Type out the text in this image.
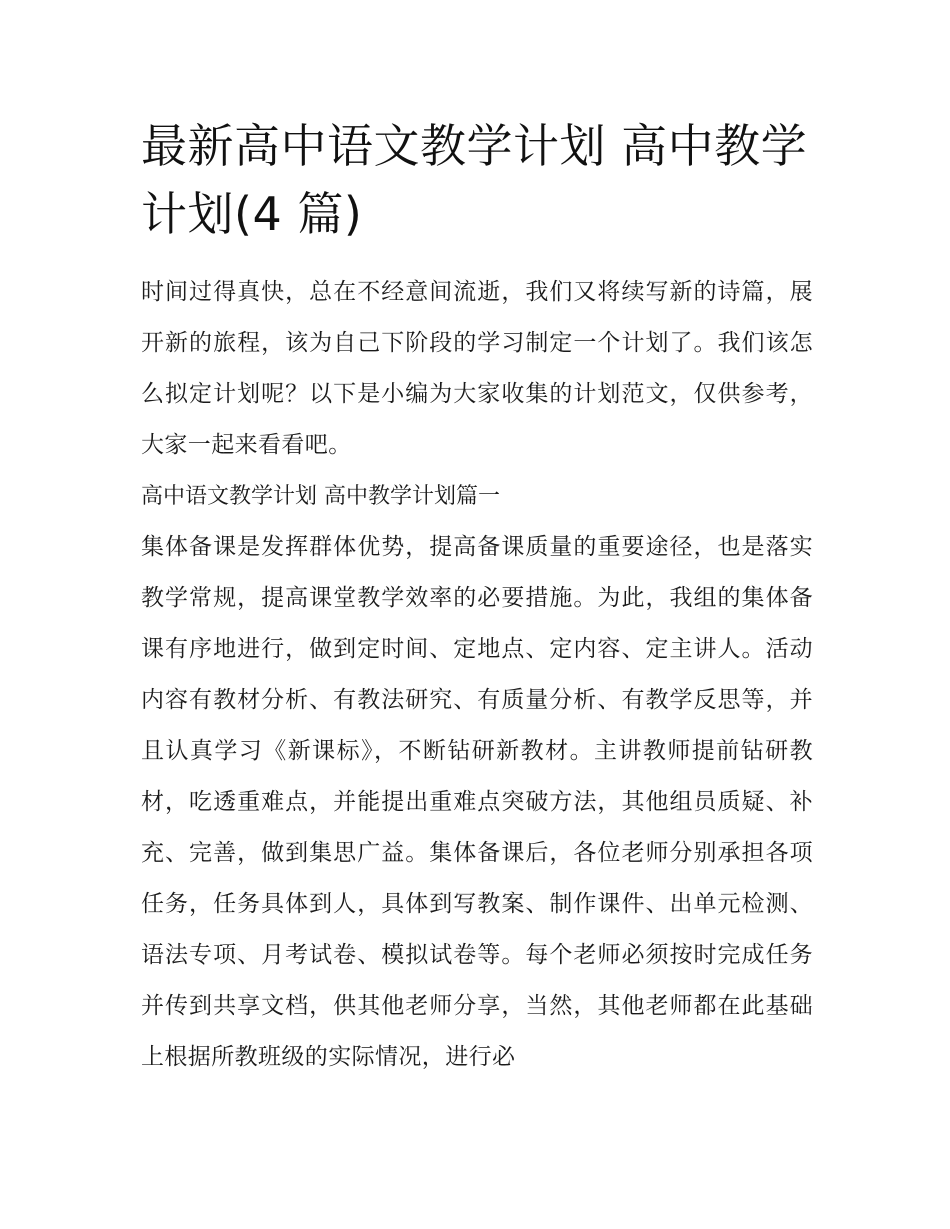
最新高中语文教学计划 高中教学计划(4 篇)

时间过得真快，总在不经意间流逝，我们又将续写新的诗篇，展开新的旅程，该为自己下阶段的学习制定一个计划了。我们该怎么拟定计划呢？以下是小编为大家收集的计划范文，仅供参考，大家一起来看看吧。

高中语文教学计划 高中教学计划篇一

集体备课是发挥群体优势，提高备课质量的重要途径，也是落实教学常规，提高课堂教学效率的必要措施。为此，我组的集体备课有序地进行，做到定时间、定地点、定内容、定主讲人。活动内容有教材分析、有教法研究、有质量分析、有教学反思等，并且认真学习《新课标》，不断钻研新教材。主讲教师提前钻研教材，吃透重难点，并能提出重难点突破方法，其他组员质疑、补充、完善，做到集思广益。集体备课后，各位老师分别承担各项任务，任务具体到人，具体到写教案、制作课件、出单元检测、语法专项、月考试卷、模拟试卷等。每个老师必须按时完成任务并传到共享文档，供其他老师分享，当然，其他老师都在此基础上根据所教班级的实际情况，进行必
